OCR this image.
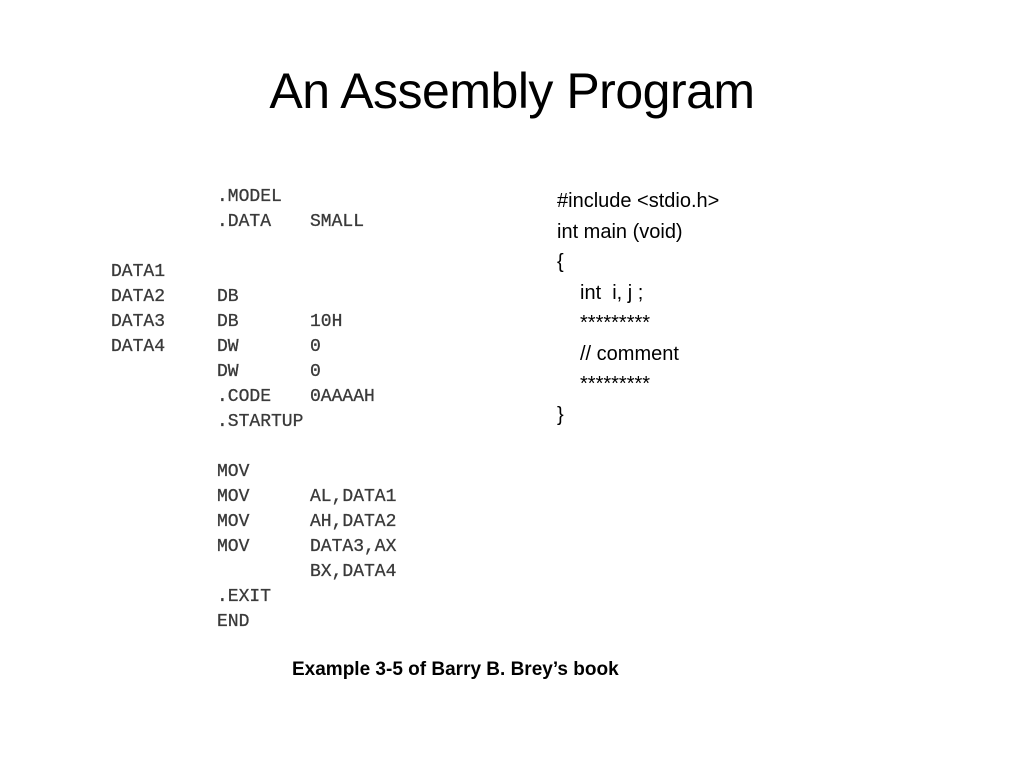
An Assembly Program

.MODEL

SMALL

.DATA

DATA1

DB

10H

DATA2

DB

0

DATA3

DW

0

DATA4

DW

0AAAAH

.CODE

.STARTUP

MOV

AL,DATA1

MOV

AH,DATA2

MOV

DATA3,AX

MOV

BX,DATA4

.EXIT

END

#include <stdio.h>
int main (void)
{
int  i, j ;
*********
// comment
*********
}
Example 3-5 of Barry B. Brey’s book
